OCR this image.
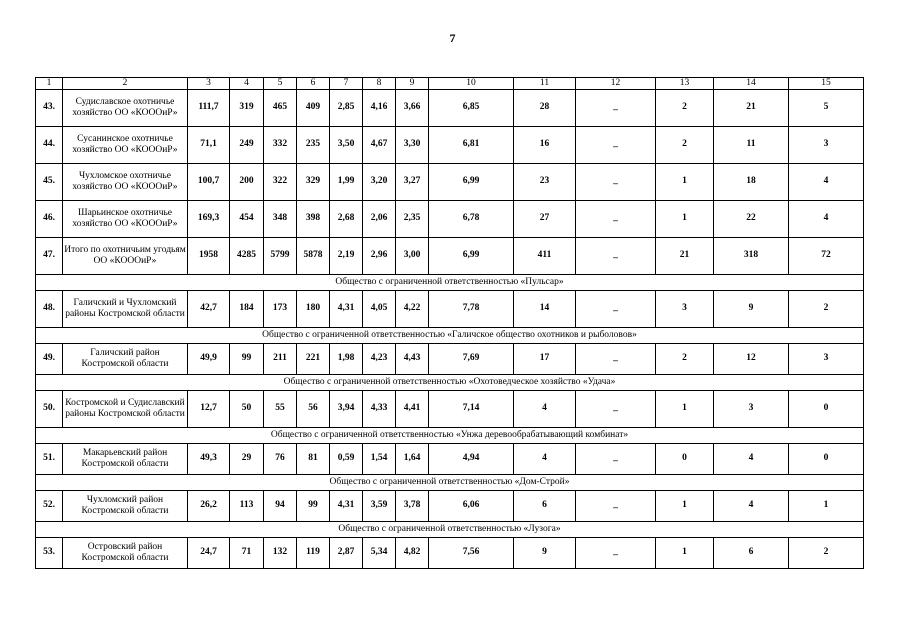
7
1	2	3	4	5	6	7	8	9	10	11	12	13	14	15
43.	Судиславское охотничье хозяйство ОО «КОООиР»	111,7	319	465	409	2,85	4,16	3,66	6,85	28	_	2	21	5
44.	Сусанинское охотничье хозяйство ОО «КОООиР»	71,1	249	332	235	3,50	4,67	3,30	6,81	16	_	2	11	3
45.	Чухломское охотничье хозяйство ОО «КОООиР»	100,7	200	322	329	1,99	3,20	3,27	6,99	23	_	1	18	4
46.	Шарьинское охотничье хозяйство ОО «КОООиР»	169,3	454	348	398	2,68	2,06	2,35	6,78	27	_	1	22	4
47.	Итого по охотничьим угодьям ОО «КОООиР»	1958	4285	5799	5878	2,19	2,96	3,00	6,99	411	_	21	318	72
Общество с ограниченной ответственностью «Пульсар»														
48.	Галичский и Чухломский районы Костромской области	42,7	184	173	180	4,31	4,05	4,22	7,78	14	_	3	9	2
Общество с ограниченной ответственностью «Галичское общество охотников и рыболовов»														
49.	Галичский район Костромской области	49,9	99	211	221	1,98	4,23	4,43	7,69	17	_	2	12	3
Общество с ограниченной ответственностью «Охотоведческое хозяйство «Удача»														
50.	Костромской и Судиславский районы Костромской области	12,7	50	55	56	3,94	4,33	4,41	7,14	4	_	1	3	0
Общество с ограниченной ответственностью «Унжа деревообрабатывающий комбинат»														
51.	Макарьевский район Костромской области	49,3	29	76	81	0,59	1,54	1,64	4,94	4	_	0	4	0
Общество с ограниченной ответственностью «Дом-Строй»														
52.	Чухломский район Костромской области	26,2	113	94	99	4,31	3,59	3,78	6,06	6	_	1	4	1
Общество с ограниченной ответственностью «Лузога»														
53.	Островский район Костромской области	24,7	71	132	119	2,87	5,34	4,82	7,56	9	_	1	6	2
